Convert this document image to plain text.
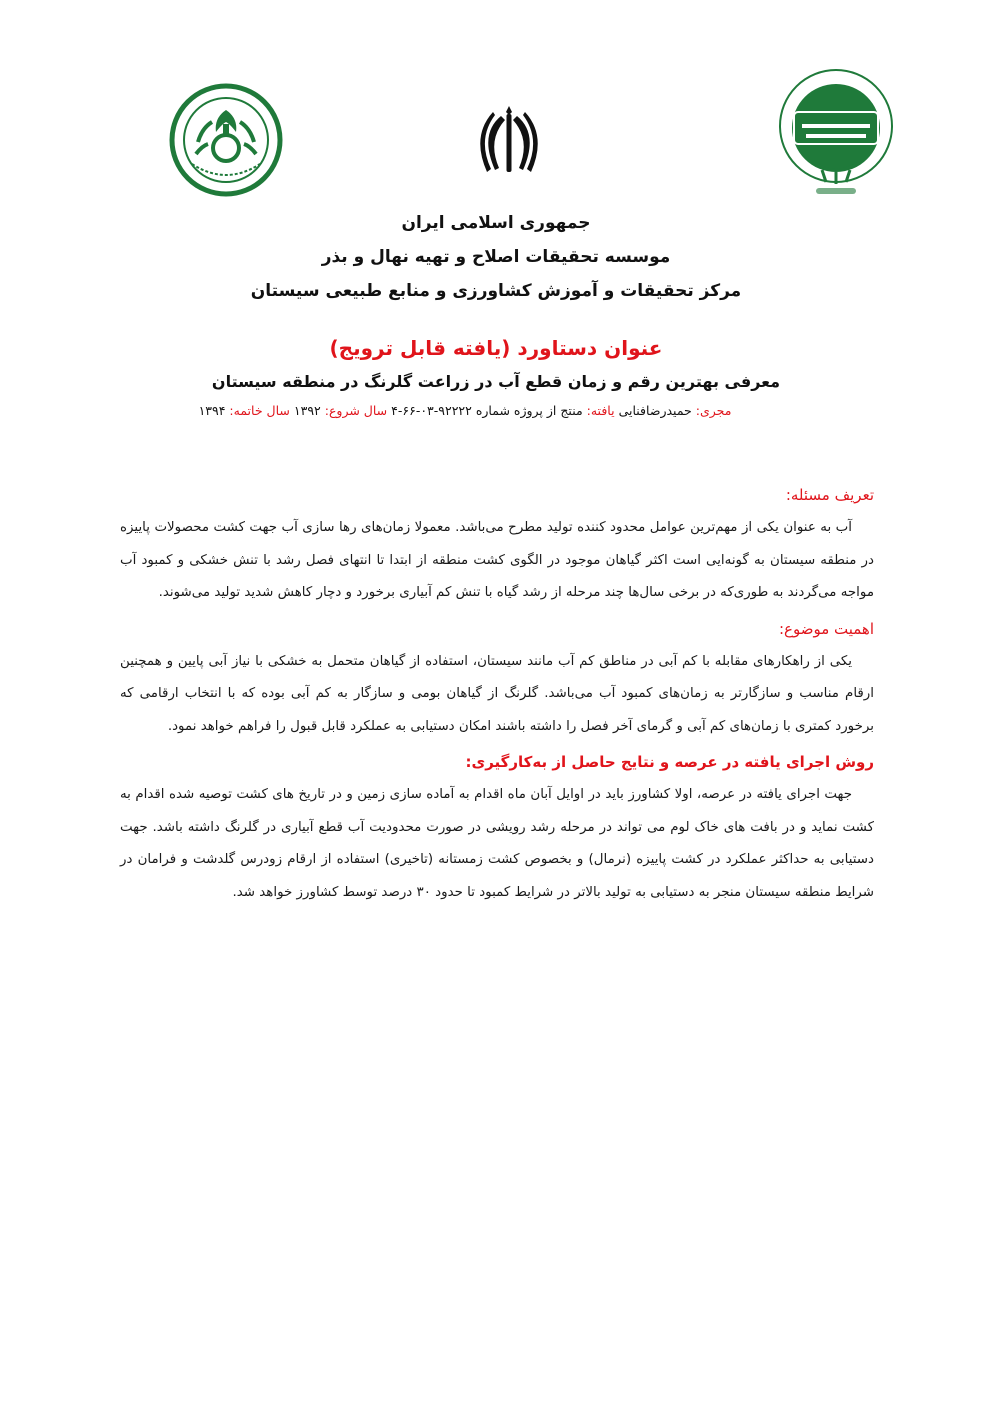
جمهوری اسلامی ایران
موسسه تحقیقات اصلاح و تهیه نهال و بذر
مرکز تحقیقات و آموزش کشاورزی و منابع طبیعی سیستان
عنوان دستاورد (یافته قابل ترویج)
معرفی بهترین رقم و زمان قطع آب در زراعت گلرنگ در منطقه سیستان
مجری: حمیدرضافنایی یافته: منتج از پروژه شماره ۹۲۲۲۲-۰۳-۶۶-۴ سال شروع: ۱۳۹۲ سال خاتمه: ۱۳۹۴
تعریف مسئله:

آب به عنوان یکی از مهم‌ترین عوامل محدود کننده تولید مطرح می‌باشد. معمولا زمان‌های رها سازی آب جهت کشت محصولات پاییزه در منطقه سیستان به گونه‌ایی است اکثر گیاهان موجود در الگوی کشت منطقه از ابتدا تا انتهای فصل رشد با تنش خشکی و کمبود آب مواجه می‌گردند به طوری‌که در برخی سال‌ها چند مرحله از رشد گیاه با تنش کم آبیاری برخورد و دچار کاهش شدید تولید می‌شوند.

اهمیت موضوع:

یکی از راهکارهای مقابله با کم آبی در مناطق کم آب مانند سیستان، استفاده از گیاهان متحمل به خشکی با نیاز آبی پایین و همچنین ارقام مناسب و سازگارتر به زمان‌های کمبود آب می‌باشد. گلرنگ از گیاهان بومی و سازگار به کم آبی بوده که با انتخاب ارقامی که برخورد کمتری با زمان‌های کم آبی و گرمای آخر فصل را داشته باشند امکان دستیابی به عملکرد قابل قبول را فراهم خواهد نمود.

روش اجرای یافته در عرصه و نتایج حاصل از به‌کارگیری:

جهت اجرای یافته در عرصه، اولا کشاورز باید در اوایل آبان ماه اقدام به آماده سازی زمین و در تاریخ های کشت توصیه شده اقدام به کشت نماید و در بافت های خاک لوم می تواند در مرحله رشد رویشی در صورت محدودیت آب قطع آبیاری در گلرنگ داشته باشد. جهت دستیابی به حداکثر عملکرد در کشت پاییزه (نرمال) و بخصوص کشت زمستانه (تاخیری) استفاده از ارقام زودرس گلدشت و فرامان در شرایط منطقه سیستان منجر به دستیابی به تولید بالاتر در شرایط کمبود تا حدود ۳۰ درصد توسط کشاورز خواهد شد.
